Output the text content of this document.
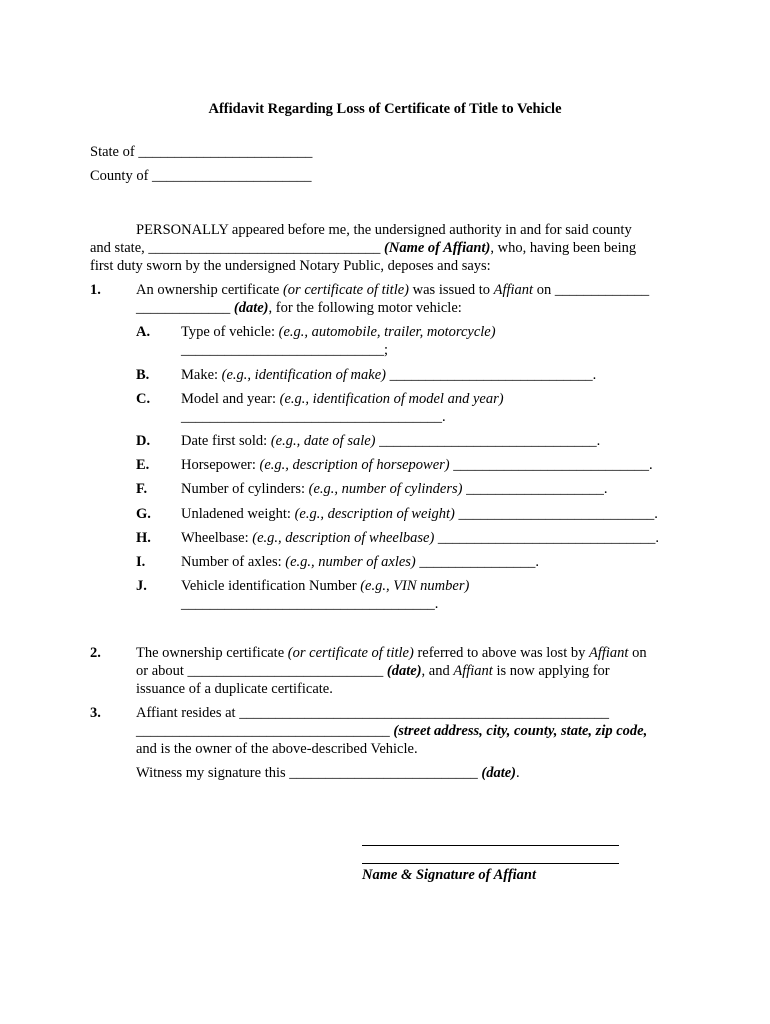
Affidavit Regarding Loss of Certificate of Title to Vehicle
State of ________________________
County of ______________________
PERSONALLY appeared before me, the undersigned authority in and for said county
and state, ________________________________ (Name of Affiant), who, having been being
first duty sworn by the undersigned Notary Public, deposes and says:
1. An ownership certificate (or certificate of title) was issued to Affiant on _____________
_____________ (date), for the following motor vehicle:
A. Type of vehicle: (e.g., automobile, trailer, motorcycle)
____________________________;
B. Make: (e.g., identification of make) ____________________________.
C. Model and year: (e.g., identification of model and year)
____________________________________.
D. Date first sold: (e.g., date of sale) ______________________________.
E. Horsepower: (e.g., description of horsepower) ___________________________.
F. Number of cylinders: (e.g., number of cylinders) ___________________.
G. Unladened weight: (e.g., description of weight) ___________________________.
H. Wheelbase: (e.g., description of wheelbase) ______________________________.
I. Number of axles: (e.g., number of axles) ________________.
J. Vehicle identification Number (e.g., VIN number)
___________________________________.
2. The ownership certificate (or certificate of title) referred to above was lost by Affiant on
or about ___________________________ (date), and Affiant is now applying for
issuance of a duplicate certificate.
3. Affiant resides at ___________________________________________________
___________________________________ (street address, city, county, state, zip code,
and is the owner of the above-described Vehicle.
Witness my signature this __________________________ (date).
Name & Signature of Affiant
